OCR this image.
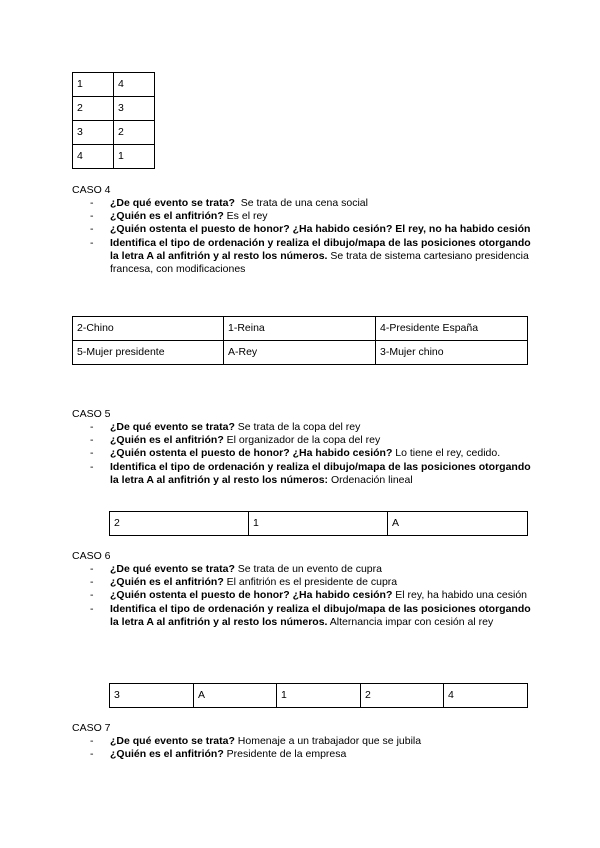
1	4
2	3
3	2
4	1
CASO 4
- ¿De qué evento se trata?  Se trata de una cena social
- ¿Quién es el anfitrión? Es el rey
- ¿Quién ostenta el puesto de honor? ¿Ha habido cesión? El rey, no ha habido cesión
- Identifica el tipo de ordenación y realiza el dibujo/mapa de las posiciones otorgando la letra A al anfitrión y al resto los números. Se trata de sistema cartesiano presidencia francesa, con modificaciones
2-Chino	1-Reina	4-Presidente España
5-Mujer presidente	A-Rey	3-Mujer chino
CASO 5
- ¿De qué evento se trata? Se trata de la copa del rey
- ¿Quién es el anfitrión? El organizador de la copa del rey
- ¿Quién ostenta el puesto de honor? ¿Ha habido cesión? Lo tiene el rey, cedido.
- Identifica el tipo de ordenación y realiza el dibujo/mapa de las posiciones otorgando la letra A al anfitrión y al resto los números: Ordenación lineal
2	1	A
CASO 6
- ¿De qué evento se trata? Se trata de un evento de cupra
- ¿Quién es el anfitrión? El anfitrión es el presidente de cupra
- ¿Quién ostenta el puesto de honor? ¿Ha habido cesión? El rey, ha habido una cesión
- Identifica el tipo de ordenación y realiza el dibujo/mapa de las posiciones otorgando la letra A al anfitrión y al resto los números. Alternancia impar con cesión al rey
3	A	1	2	4
CASO 7
- ¿De qué evento se trata? Homenaje a un trabajador que se jubila
- ¿Quién es el anfitrión? Presidente de la empresa
